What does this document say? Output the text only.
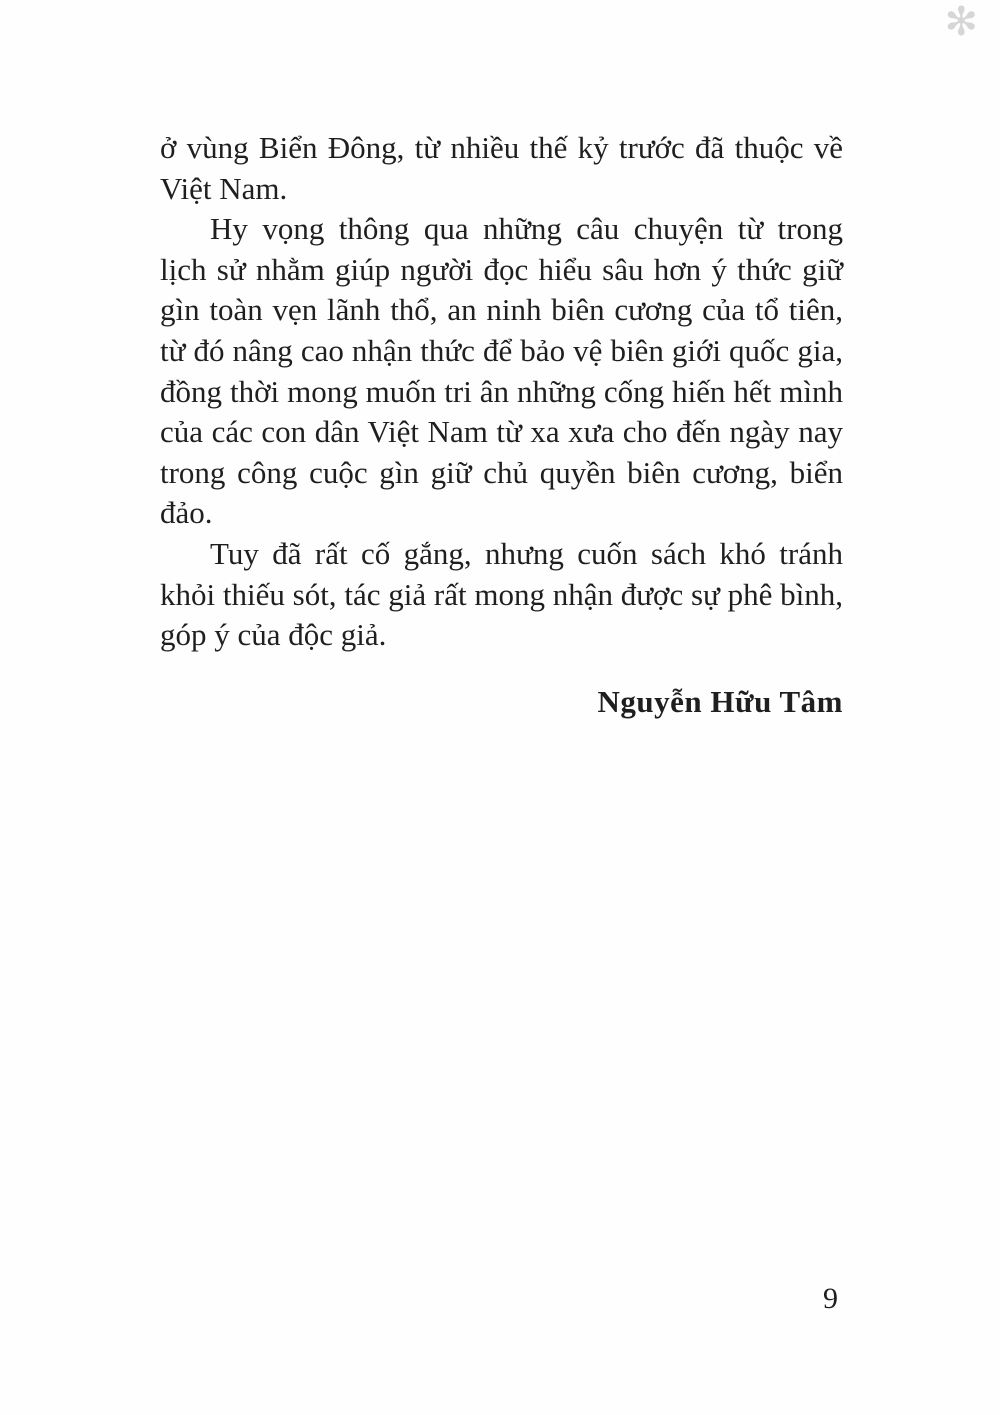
✻

ở vùng Biển Đông, từ nhiều thế kỷ trước đã thuộc về Việt Nam.

Hy vọng thông qua những câu chuyện từ trong lịch sử nhằm giúp người đọc hiểu sâu hơn ý thức giữ gìn toàn vẹn lãnh thổ, an ninh biên cương của tổ tiên, từ đó nâng cao nhận thức để bảo vệ biên giới quốc gia, đồng thời mong muốn tri ân những cống hiến hết mình của các con dân Việt Nam từ xa xưa cho đến ngày nay trong công cuộc gìn giữ chủ quyền biên cương, biển đảo.

Tuy đã rất cố gắng, nhưng cuốn sách khó tránh khỏi thiếu sót, tác giả rất mong nhận được sự phê bình, góp ý của độc giả.

Nguyễn Hữu Tâm

9
